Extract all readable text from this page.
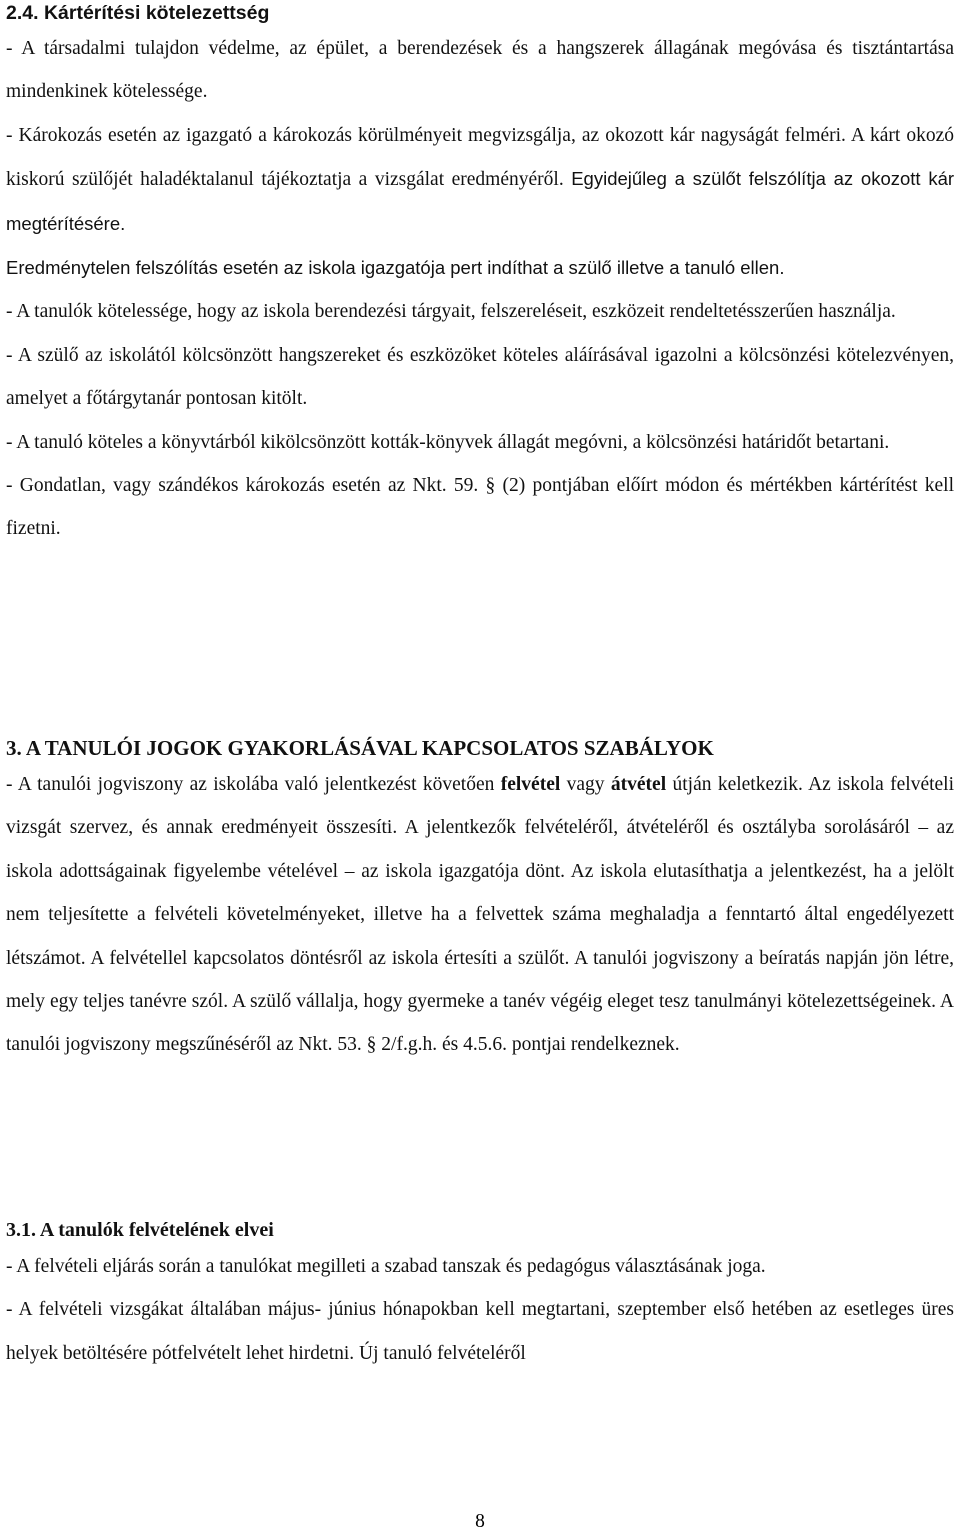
2.4. Kártérítési kötelezettség

- A társadalmi tulajdon védelme, az épület, a berendezések és a hangszerek állagának megóvása és tisztántartása mindenkinek kötelessége.

- Károkozás esetén az igazgató a károkozás körülményeit megvizsgálja, az okozott kár nagyságát felméri. A kárt okozó kiskorú szülőjét haladéktalanul tájékoztatja a vizsgálat eredményéről. Egyidejűleg a szülőt felszólítja az okozott kár megtérítésére.
Eredménytelen felszólítás esetén az iskola igazgatója pert indíthat a szülő illetve a tanuló ellen.

- A tanulók kötelessége, hogy az iskola berendezési tárgyait, felszereléseit, eszközeit rendeltetésszerűen használja.

- A szülő az iskolától kölcsönzött hangszereket és eszközöket köteles aláírásával igazolni a kölcsönzési kötelezvényen, amelyet a főtárgytanár pontosan kitölt.

- A tanuló köteles a könyvtárból kikölcsönzött kották-könyvek állagát megóvni, a kölcsönzési határidőt betartani.

- Gondatlan, vagy szándékos károkozás esetén az Nkt. 59. § (2) pontjában előírt módon és mértékben kártérítést kell fizetni.

3. A TANULÓI JOGOK GYAKORLÁSÁVAL KAPCSOLATOS SZABÁLYOK

- A tanulói jogviszony az iskolába való jelentkezést követően felvétel vagy átvétel útján keletkezik. Az iskola felvételi vizsgát szervez, és annak eredményeit összesíti. A jelentkezők felvételéről, átvételéről és osztályba sorolásáról – az iskola adottságainak figyelembe vételével – az iskola igazgatója dönt. Az iskola elutasíthatja a jelentkezést, ha a jelölt nem teljesítette a felvételi követelményeket, illetve ha a felvettek száma meghaladja a fenntartó által engedélyezett létszámot. A felvétellel kapcsolatos döntésről az iskola értesíti a szülőt. A tanulói jogviszony a beíratás napján jön létre, mely egy teljes tanévre szól. A szülő vállalja, hogy gyermeke a tanév végéig eleget tesz tanulmányi kötelezettségeinek. A tanulói jogviszony megszűnéséről az Nkt. 53. § 2/f.g.h. és 4.5.6. pontjai rendelkeznek.

3.1. A tanulók felvételének elvei

- A felvételi eljárás során a tanulókat megilleti a szabad tanszak és pedagógus választásának joga.

- A felvételi vizsgákat általában május- június hónapokban kell megtartani, szeptember első hetében az esetleges üres helyek betöltésére pótfelvételt lehet hirdetni. Új tanuló felvételéről

8
